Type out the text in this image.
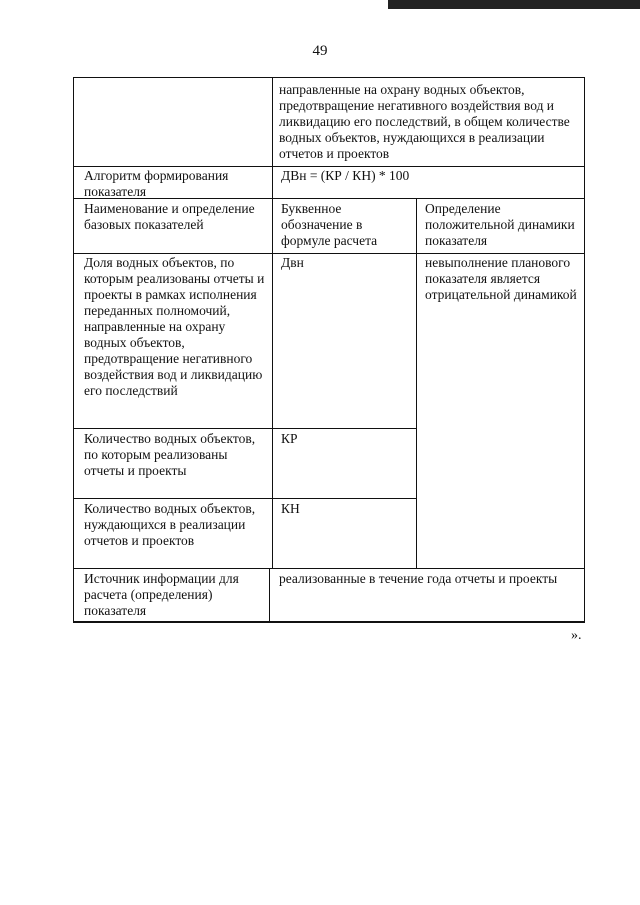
49
направленные на охрану водных объектов, предотвращение негативного воздействия вод и ликвидацию его последствий, в общем количестве водных объектов, нуждающихся в реализации отчетов и проектов
Алгоритм формирования показателя
ДВн = (КР / КН) * 100
Наименование и определение базовых показателей
Буквенное обозначение в формуле расчета
Определение положительной динамики показателя
Доля водных объектов, по которым реализованы отчеты и проекты в рамках исполнения переданных полномочий, направленные на охрану водных объектов, предотвращение негативного воздействия вод и ликвидацию его последствий
Двн	невыполнение планового показателя является отрицательной динамикой
Количество водных объектов, по которым реализованы отчеты и проекты
КР
Количество водных объектов, нуждающихся в реализации отчетов и проектов
КН
Источник информации для расчета (определения) показателя
реализованные в течение года отчеты и проекты
».
